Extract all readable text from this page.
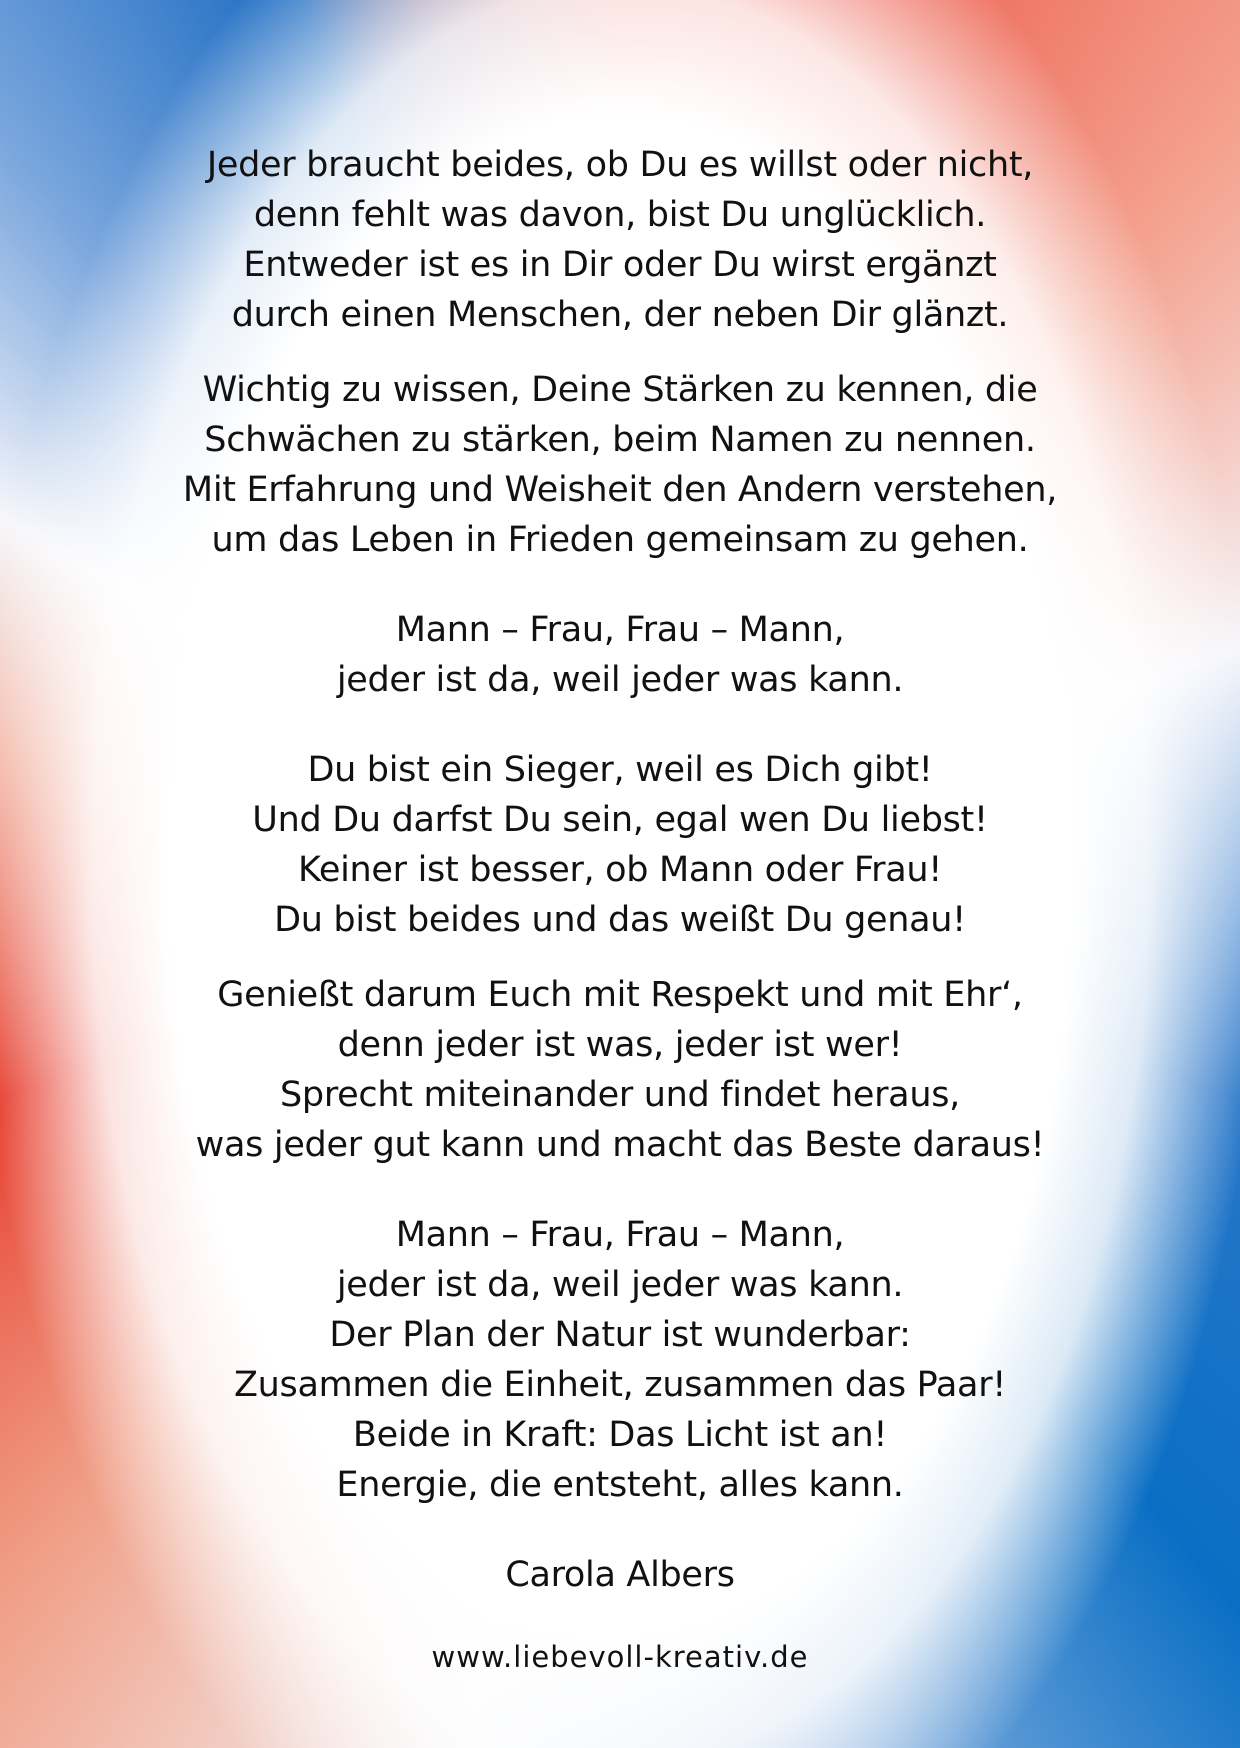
Jeder braucht beides, ob Du es willst oder nicht,
denn fehlt was davon, bist Du unglücklich.
Entweder ist es in Dir oder Du wirst ergänzt
durch einen Menschen, der neben Dir glänzt.

Wichtig zu wissen, Deine Stärken zu kennen, die
Schwächen zu stärken, beim Namen zu nennen.
Mit Erfahrung und Weisheit den Andern verstehen,
um das Leben in Frieden gemeinsam zu gehen.

Mann – Frau, Frau – Mann,
jeder ist da, weil jeder was kann.

Du bist ein Sieger, weil es Dich gibt!
Und Du darfst Du sein, egal wen Du liebst!
Keiner ist besser, ob Mann oder Frau!
Du bist beides und das weißt Du genau!

Genießt darum Euch mit Respekt und mit Ehr‘,
denn jeder ist was, jeder ist wer!
Sprecht miteinander und findet heraus,
was jeder gut kann und macht das Beste daraus!

Mann – Frau, Frau – Mann,
jeder ist da, weil jeder was kann.
Der Plan der Natur ist wunderbar:
Zusammen die Einheit, zusammen das Paar!
Beide in Kraft: Das Licht ist an!
Energie, die entsteht, alles kann.

Carola Albers
www.liebevoll-kreativ.de
